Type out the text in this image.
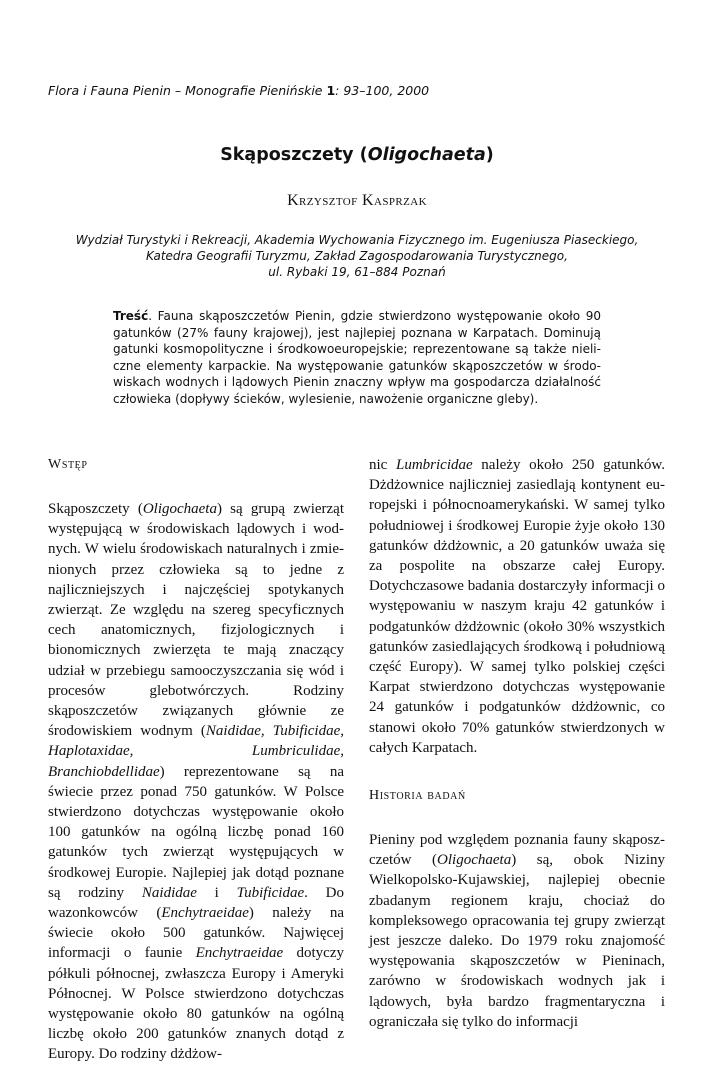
Flora i Fauna Pienin – Monografie Pienińskie 1: 93–100, 2000
Skąposzczety (Oligochaeta)
Krzysztof Kasprzak
Wydział Turystyki i Rekreacji, Akademia Wychowania Fizycznego im. Eugeniusza Piaseckiego,
Katedra Geografii Turyzmu, Zakład Zagospodarowania Turystycznego,
ul. Rybaki 19, 61–884 Poznań
Treść. Fauna skąposzczetów Pienin, gdzie stwierdzono występowanie około 90 gatunków (27% fauny krajowej), jest najlepiej poznana w Karpatach. Dominują gatunki kosmopolityczne i środkowoeuropejskie; reprezentowane są także nieliczne elementy karpackie. Na występowanie gatunków skąposzczetów w środowiskach wodnych i lądowych Pienin znaczny wpływ ma gospodarcza działalność człowieka (dopływy ścieków, wylesienie, nawożenie organiczne gleby).

Wstęp

Skąposzczety (Oligochaeta) są grupą zwierząt występującą w środowiskach lądowych i wodnych. W wielu środowiskach naturalnych i zmienionych przez człowieka są to jedne z najliczniejszych i najczęściej spotykanych zwierząt. Ze względu na szereg specyficznych cech anatomicznych, fizjologicznych i bionomicznych zwierzęta te mają znaczący udział w przebiegu samooczyszczania się wód i procesów glebotwórczych. Rodziny skąposzczetów związanych głównie ze środowiskiem wodnym (Naididae, Tubificidae, Haplotaxidae, Lumbriculidae, Branchiobdellidae) reprezentowane są na świecie przez ponad 750 gatunków. W Polsce stwierdzono dotychczas występowanie około 100 gatunków na ogólną liczbę ponad 160 gatunków tych zwierząt występujących w środkowej Europie. Najlepiej jak dotąd poznane są rodziny Naididae i Tubificidae. Do wazonkowców (Enchytraeidae) należy na świecie około 500 gatunków. Najwięcej informacji o faunie Enchytraeidae dotyczy półkuli północnej, zwłaszcza Europy i Ameryki Północnej. W Polsce stwierdzono dotychczas występowanie około 80 gatunków na ogólną liczbę około 200 gatunków znanych dotąd z Europy. Do rodziny dżdżow-

nic Lumbricidae należy około 250 gatunków. Dżdżownice najliczniej zasiedlają kontynent europejski i północnoamerykański. W samej tylko południowej i środkowej Europie żyje około 130 gatunków dżdżownic, a 20 gatunków uważa się za pospolite na obszarze całej Europy. Dotychczasowe badania dostarczyły informacji o występowaniu w naszym kraju 42 gatunków i podgatunków dżdżownic (około 30% wszystkich gatunków zasiedlających środkową i południową część Europy). W samej tylko polskiej części Karpat stwierdzono dotychczas występowanie 24 gatunków i podgatunków dżdżownic, co stanowi około 70% gatunków stwierdzonych w całych Karpatach.

Historia badań

Pieniny pod względem poznania fauny skąposzczetów (Oligochaeta) są, obok Niziny Wielkopolsko-Kujawskiej, najlepiej obecnie zbadanym regionem kraju, chociaż do kompleksowego opracowania tej grupy zwierząt jest jeszcze daleko. Do 1979 roku znajomość występowania skąposzczetów w Pieninach, zarówno w środowiskach wodnych jak i lądowych, była bardzo fragmentaryczna i ograniczała się tylko do informacji
